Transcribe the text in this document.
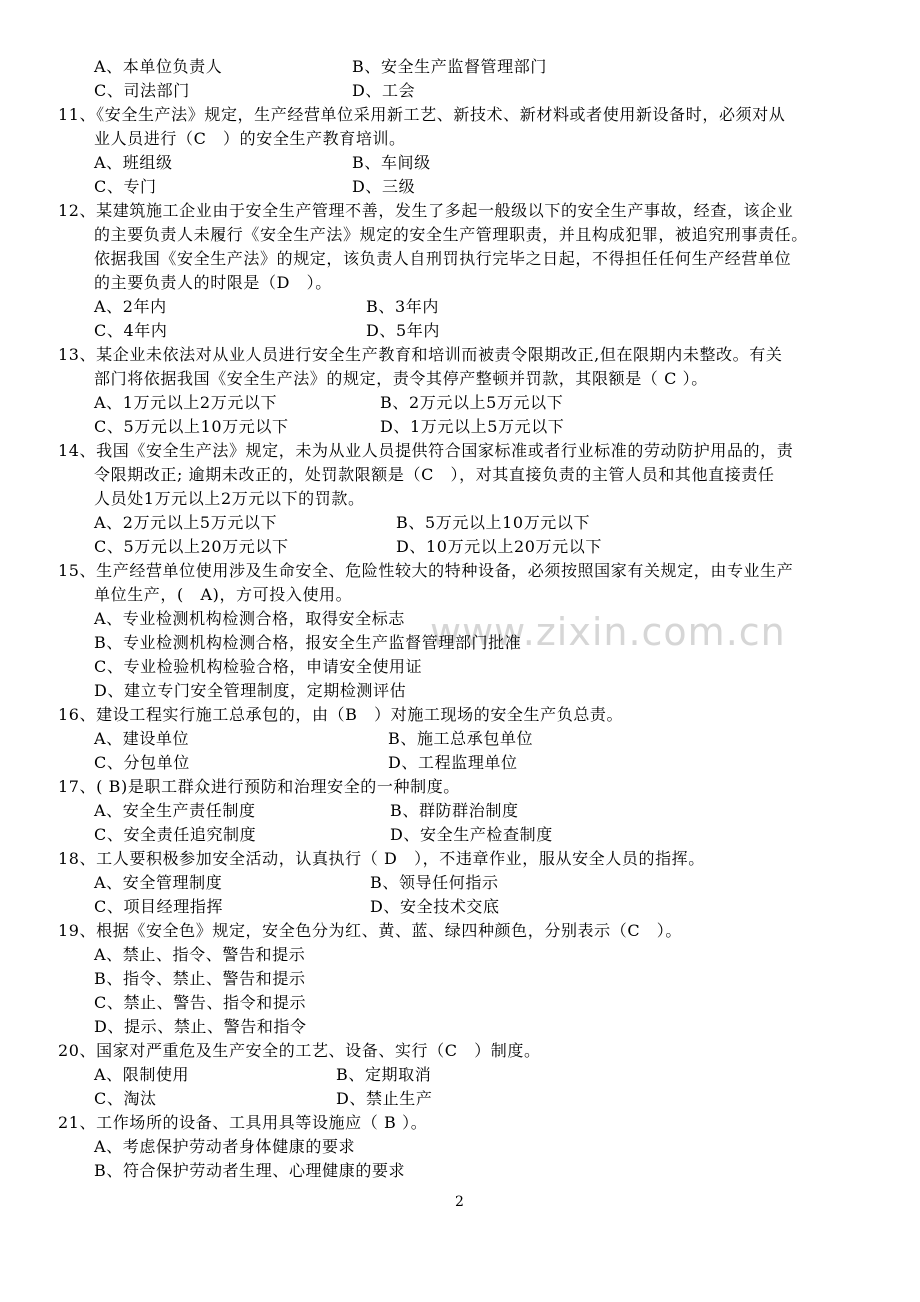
www.zixin.com.cn
A、本单位负责人	B、安全生产监督管理部门
C、司法部门	D、工会
11、《安全生产法》规定，生产经营单位采用新工艺、新技术、新材料或者使用新设备时，必须对从
业人员进行（C　）的安全生产教育培训。
A、班组级	B、车间级
C、专门	D、三级
12、某建筑施工企业由于安全生产管理不善，发生了多起一般级以下的安全生产事故，经查，该企业
的主要负责人未履行《安全生产法》规定的安全生产管理职责，并且构成犯罪，被追究刑事责任。
依据我国《安全生产法》的规定，该负责人自刑罚执行完毕之日起，不得担任任何生产经营单位
的主要负责人的时限是（D　）。
A、2年内	B、3年内
C、4年内	D、5年内
13、某企业未依法对从业人员进行安全生产教育和培训而被责令限期改正,但在限期内未整改。有关
部门将依据我国《安全生产法》的规定，责令其停产整顿并罚款，其限额是（ C ）。
A、1万元以上2万元以下	B、2万元以上5万元以下
C、5万元以上10万元以下	D、1万元以上5万元以下
14、我国《安全生产法》规定，未为从业人员提供符合国家标准或者行业标准的劳动防护用品的，责
令限期改正; 逾期未改正的，处罚款限额是（C　），对其直接负责的主管人员和其他直接责任
人员处1万元以上2万元以下的罚款。
A、2万元以上5万元以下	B、5万元以上10万元以下
C、5万元以上20万元以下	D、10万元以上20万元以下
15、生产经营单位使用涉及生命安全、危险性较大的特种设备，必须按照国家有关规定，由专业生产
单位生产，(　A)，方可投入使用。
A、专业检测机构检测合格，取得安全标志
B、专业检测机构检测合格，报安全生产监督管理部门批准
C、专业检验机构检验合格，申请安全使用证
D、建立专门安全管理制度，定期检测评估
16、建设工程实行施工总承包的，由（B　）对施工现场的安全生产负总责。
A、建设单位	B、施工总承包单位
C、分包单位	D、工程监理单位
17、( B)是职工群众进行预防和治理安全的一种制度。
A、安全生产责任制度	B、群防群治制度
C、安全责任追究制度	D、安全生产检查制度
18、工人要积极参加安全活动，认真执行（ D　），不违章作业，服从安全人员的指挥。
A、安全管理制度	B、领导任何指示
C、项目经理指挥	D、安全技术交底
19、根据《安全色》规定，安全色分为红、黄、蓝、绿四种颜色，分别表示（C　）。
A、禁止、指令、警告和提示
B、指令、禁止、警告和提示
C、禁止、警告、指令和提示
D、提示、禁止、警告和指令
20、国家对严重危及生产安全的工艺、设备、实行（C　）制度。
A、限制使用	B、定期取消
C、淘汰	D、禁止生产
21、工作场所的设备、工具用具等设施应（ B ）。
A、考虑保护劳动者身体健康的要求
B、符合保护劳动者生理、心理健康的要求
2
